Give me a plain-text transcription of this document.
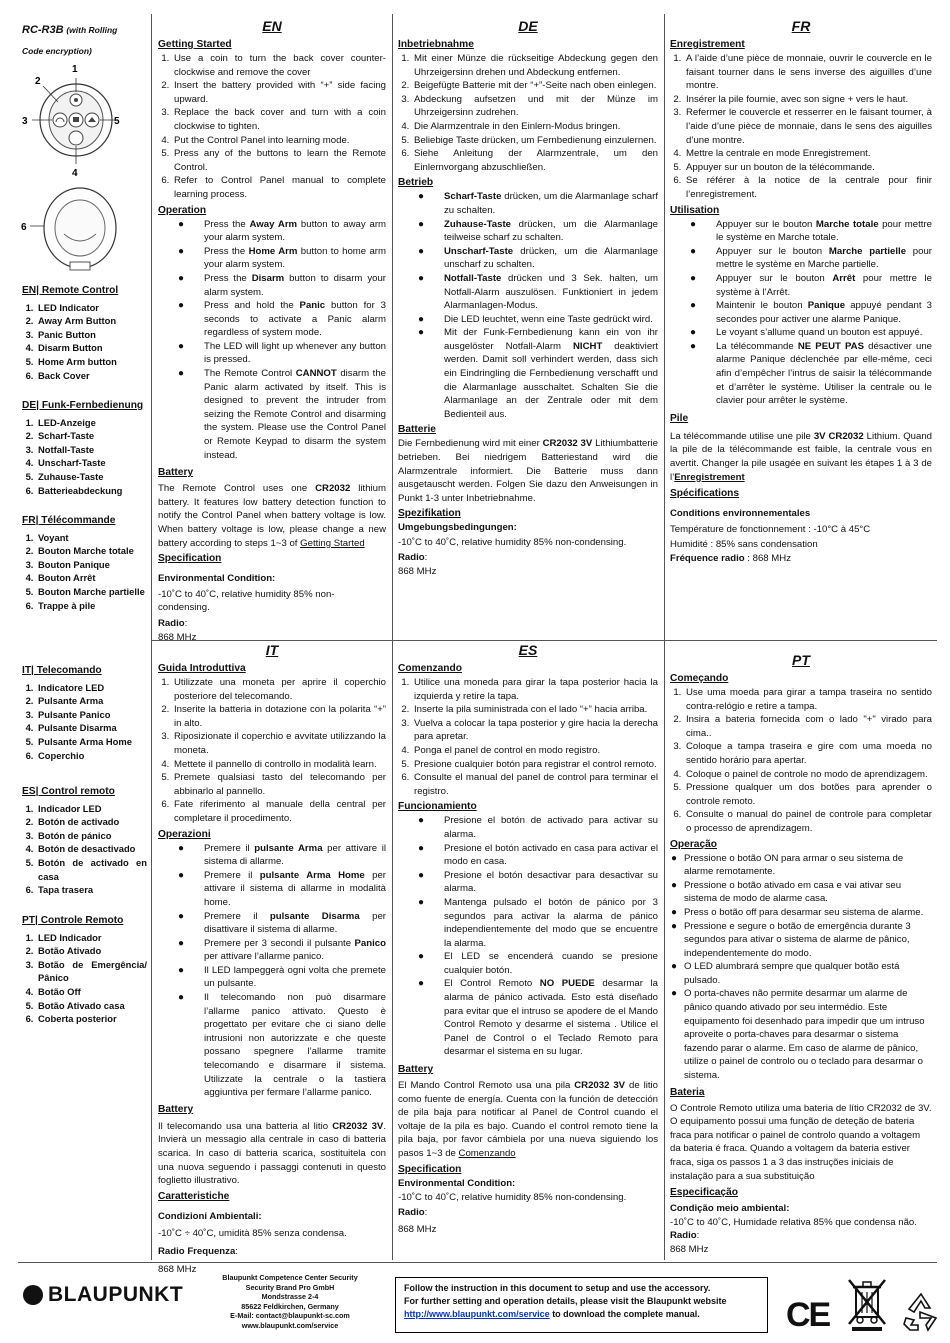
RC-R3B (with Rolling
Code encryption)
1
2
3
4
5
6
EN| Remote Control
1. LED Indicator
2. Away Arm Button
3. Panic Button
4. Disarm Button
5. Home Arm button
6. Back Cover
DE| Funk-Fernbedienung
1. LED-Anzeige
2. Scharf-Taste
3. Notfall-Taste
4. Unscharf-Taste
5. Zuhause-Taste
6. Batterieabdeckung
FR| Télécommande
1. Voyant
2. Bouton Marche totale
3. Bouton Panique
4. Bouton Arrêt
5. Bouton Marche partielle
6. Trappe à pile
IT| Telecomando
1. Indicatore LED
2. Pulsante Arma
3. Pulsante Panico
4. Pulsante Disarma
5. Pulsante Arma Home
6. Coperchio
ES| Control remoto
1. Indicador LED
2. Botón de activado
3. Botón de pánico
4. Botón de desactivado
5. Botón de activado en casa
6. Tapa trasera
PT| Controle Remoto
1. LED Indicador
2. Botão Ativado
3. Botão de Emergência/ Pânico
4. Botão Off
5. Botão Ativado casa
6. Coberta posterior
EN
Getting Started
1. Use a coin to turn the back cover counter-clockwise and remove the cover
2. Insert the battery provided with “+” side facing upward.
3. Replace the back cover and turn with a coin clockwise to tighten.
4. Put the Control Panel into learning mode.
5. Press any of the buttons to learn the Remote Control.
6. Refer to Control Panel manual to complete learning process.
Operation
● Press the Away Arm button to away arm your alarm system.
● Press the Home Arm button to home arm your alarm system.
● Press the Disarm button to disarm your alarm system.
● Press and hold the Panic button for 3 seconds to activate a Panic alarm regardless of system mode.
● The LED will light up whenever any button is pressed.
● The Remote Control CANNOT disarm the Panic alarm activated by itself. This is designed to prevent the intruder from seizing the Remote Control and disarming the system. Please use the Control Panel or Remote Keypad to disarm the system instead.
Battery

The Remote Control uses one CR2032 lithium battery. It features low battery detection function to notify the Control Panel when battery voltage is low. When battery voltage is low, please change a new battery according to steps 1~3 of Getting Started

Specification
Environmental Condition:
-10˚C to 40˚C, relative humidity 85% non-condensing.
Radio:
868 MHz
DE
Inbetriebnahme
1. Mit einer Münze die rückseitige Abdeckung gegen den Uhrzeigersinn drehen und Abdeckung entfernen.
2. Beigefügte Batterie mit der “+”-Seite nach oben einlegen.
3. Abdeckung aufsetzen und mit der Münze im Uhrzeigersinn zudrehen.
4. Die Alarmzentrale in den Einlern-Modus bringen.
5. Beliebige Taste drücken, um Fernbedienung einzulernen.
6. Siehe Anleitung der Alarmzentrale, um den Einlernvorgang abzuschließen.
Betrieb
● Scharf-Taste drücken, um die Alarmanlage scharf zu schalten.
● Zuhause-Taste drücken, um die Alarmanlage teilweise scharf zu schalten.
● Unscharf-Taste drücken, um die Alarmanlage unscharf zu schalten.
● Notfall-Taste drücken und 3 Sek. halten, um Notfall-Alarm auszulösen. Funktioniert in jedem Alarmanlagen-Modus.
● Die LED leuchtet, wenn eine Taste gedrückt wird.
● Mit der Funk-Fernbedienung kann ein von ihr ausgelöster Notfall-Alarm NICHT deaktiviert werden. Damit soll verhindert werden, dass sich ein Eindringling die Fernbedienung verschafft und die Alarmanlage ausschaltet. Schalten Sie die Alarmanlage an der Zentrale oder mit dem Bedienteil aus.
Batterie

Die Fernbedienung wird mit einer CR2032 3V Lithiumbatterie betrieben. Bei niedrigem Batteriestand wird die Alarmzentrale informiert. Die Batterie muss dann ausgetauscht werden. Folgen Sie dazu den Anweisungen in Punkt 1-3 unter Inbetriebnahme.

Spezifikation
Umgebungsbedingungen:
-10˚C to 40˚C, relative humidity 85% non-condensing.
Radio:
868 MHz
FR
Enregistrement
1. A l’aide d’une pièce de monnaie, ouvrir le couvercle en le faisant tourner dans le sens inverse des aiguilles d’une montre.
2. Insérer la pile fournie, avec son signe + vers le haut.
3. Refermer le couvercle et resserrer en le faisant tourner, à l’aide d’une pièce de monnaie, dans le sens des aiguilles d’une montre.
4. Mettre la centrale en mode Enregistrement.
5. Appuyer sur un bouton de la télécommande.
6. Se référer à la notice de la centrale pour finir l’enregistrement.
Utilisation
● Appuyer sur le bouton Marche totale pour mettre le système en Marche totale.
● Appuyer sur le bouton Marche partielle pour mettre le système en Marche partielle.
● Appuyer sur le bouton Arrêt pour mettre le système à l’Arrêt.
● Maintenir le bouton Panique appuyé pendant 3 secondes pour activer une alarme Panique.
● Le voyant s’allume quand un bouton est appuyé.
● La télécommande NE PEUT PAS désactiver une alarme Panique déclenchée par elle-même, ceci afin d’empêcher l’intrus de saisir la télécommande et d’arrêter le système. Utiliser la centrale ou le clavier pour arrêter le système.
Pile

La télécommande utilise une pile 3V CR2032 Lithium. Quand la pile de la télécommande est faible, la centrale vous en avertit. Changer la pile usagée en suivant les étapes 1 à 3 de l’Enregistrement

Spécifications
Conditions environnementales
Température de fonctionnement : -10°C à 45°C
Humidité : 85% sans condensation
Fréquence radio : 868 MHz
IT
Guida Introduttiva
1. Utilizzate una moneta per aprire il coperchio posteriore del telecomando.
2. Inserite la batteria in dotazione con la polarita “+” in alto.
3. Riposizionate il coperchio e avvitate utilizzando la moneta.
4. Mettete il pannello di controllo in modalità learn.
5. Premete qualsiasi tasto del telecomando per abbinarlo al pannello.
6. Fate riferimento al manuale della central per completare il procedimento.
Operazioni
● Premere il pulsante Arma per attivare il sistema di allarme.
● Premere il pulsante Arma Home per attivare il sistema di allarme in modalità home.
● Premere il pulsante Disarma per disattivare il sistema di allarme.
● Premere per 3 secondi il pulsante Panico per attivare l’allarme panico.
● Il LED lampeggerà ogni volta che premete un pulsante.
● Il telecomando non può disarmare l’allarme panico attivato. Questo è progettato per evitare che ci siano delle intrusioni non autorizzate e che queste possano spegnere l’allarme tramite telecomando e disarmare il sistema. Utilizzate la centrale o la tastiera aggiuntiva per fermare l’allarme panico.
Battery

Il telecomando usa una batteria al litio CR2032 3V. Invierà un messagio alla centrale in caso di batteria scarica. In caso di batteria scarica, sostituitela con una nuova seguendo i passaggi contenuti in questo foglietto illustrativo.

Caratteristiche
Condizioni Ambientali:
-10˚C ÷ 40˚C, umidità 85% senza condensa.
Radio Frequenza:
868 MHz
ES
Comenzando
1. Utilice una moneda para girar la tapa posterior hacia la izquierda y retire la tapa.
2. Inserte la pila suministrada con el lado “+” hacia arriba.
3. Vuelva a colocar la tapa posterior y gire hacia la derecha para apretar.
4. Ponga el panel de control en modo registro.
5. Presione cualquier botón para registrar el control remoto.
6. Consulte el manual del panel de control para terminar el registro.
Funcionamiento
● Presione el botón de activado para activar su alarma.
● Presione el botón activado en casa para activar el modo en casa.
● Presione el botón desactivar para desactivar su alarma.
● Mantenga pulsado el botón de pánico por 3 segundos para activar la alarma de pánico independientemente del modo que se encuentre la alarma.
● El LED se encenderá cuando se presione cualquier botón.
● El Control Remoto NO PUEDE desarmar la alarma de pánico activada. Esto está diseñado para evitar que el intruso se apodere de el Mando Control Remoto y desarme el sistema . Utilice el Panel de Control o el Teclado Remoto para desarmar el sistema en su lugar.
Battery

El Mando Control Remoto usa una pila CR2032 3V de litio como fuente de energía. Cuenta con la función de detección de pila baja para notificar al Panel de Control cuando el voltaje de la pila es bajo. Cuando el control remoto tiene la pila baja, por favor cámbiela por una nueva siguiendo los pasos 1~3 de Comenzando

Specification
Environmental Condition:
-10˚C to 40˚C, relative humidity 85% non-condensing.
Radio:
868 MHz
PT
Começando
1. Use uma moeda para girar a tampa traseira no sentido contra-relógio e retire a tampa.
2. Insira a bateria fornecida com o lado "+" virado para cima..
3. Coloque a tampa traseira e gire com uma moeda no sentido horário para apertar.
4. Coloque o painel de controle no modo de aprendizagem.
5. Pressione qualquer um dos botões para aprender o controle remoto.
6. Consulte o manual do painel de controle para completar o processo de aprendizagem.
Operação
● Pressione o botão ON para armar o seu sistema de alarme remotamente.
● Pressione o botão ativado em casa e vai ativar seu sistema de modo de alarme casa.
● Press o botão off para desarmar seu sistema de alarme.
● Pressione e segure o botão de emergência durante 3 segundos para ativar o sistema de alarme de pânico, independentemente do modo.
● O LED alumbrará sempre que qualquer botão está pulsado.
● O porta-chaves não permite desarmar um alarme de pânico quando ativado por seu intermédio. Este equipamento foi desenhado para impedir que um intruso aproveite o porta-chaves para desarmar o sistema fazendo parar o alarme. Em caso de alarme de pânico, utilize o painel de controlo ou o teclado para desarmar o sistema.
Bateria

O Controle Remoto utiliza uma bateria de lítio CR2032 de 3V. O equipamento possui uma função de deteção de bateria fraca para notificar o painel de controlo quando a voltagem da bateria é fraca. Quando a voltagem da bateria estiver fraca, siga os passos 1 a 3 das instruções iniciais de instalação para a sua substituição

Especificação
Condição meio ambiental:
-10˚C to 40˚C, Humidade relativa 85% que condensa não.
Radio:
868 MHz
BLAUPUNKT
Blaupunkt Competence Center Security
Security Brand Pro GmbH
Mondstrasse 2-4
85622 Feldkirchen, Germany
E-Mail: contact@blaupunkt-sc.com
www.blaupunkt.com/service
Follow the instruction in this document to setup and use the accessory.
For further setting and operation details, please visit the Blaupunkt website
http://www.blaupunkt.com/service to download the complete manual.	CE
